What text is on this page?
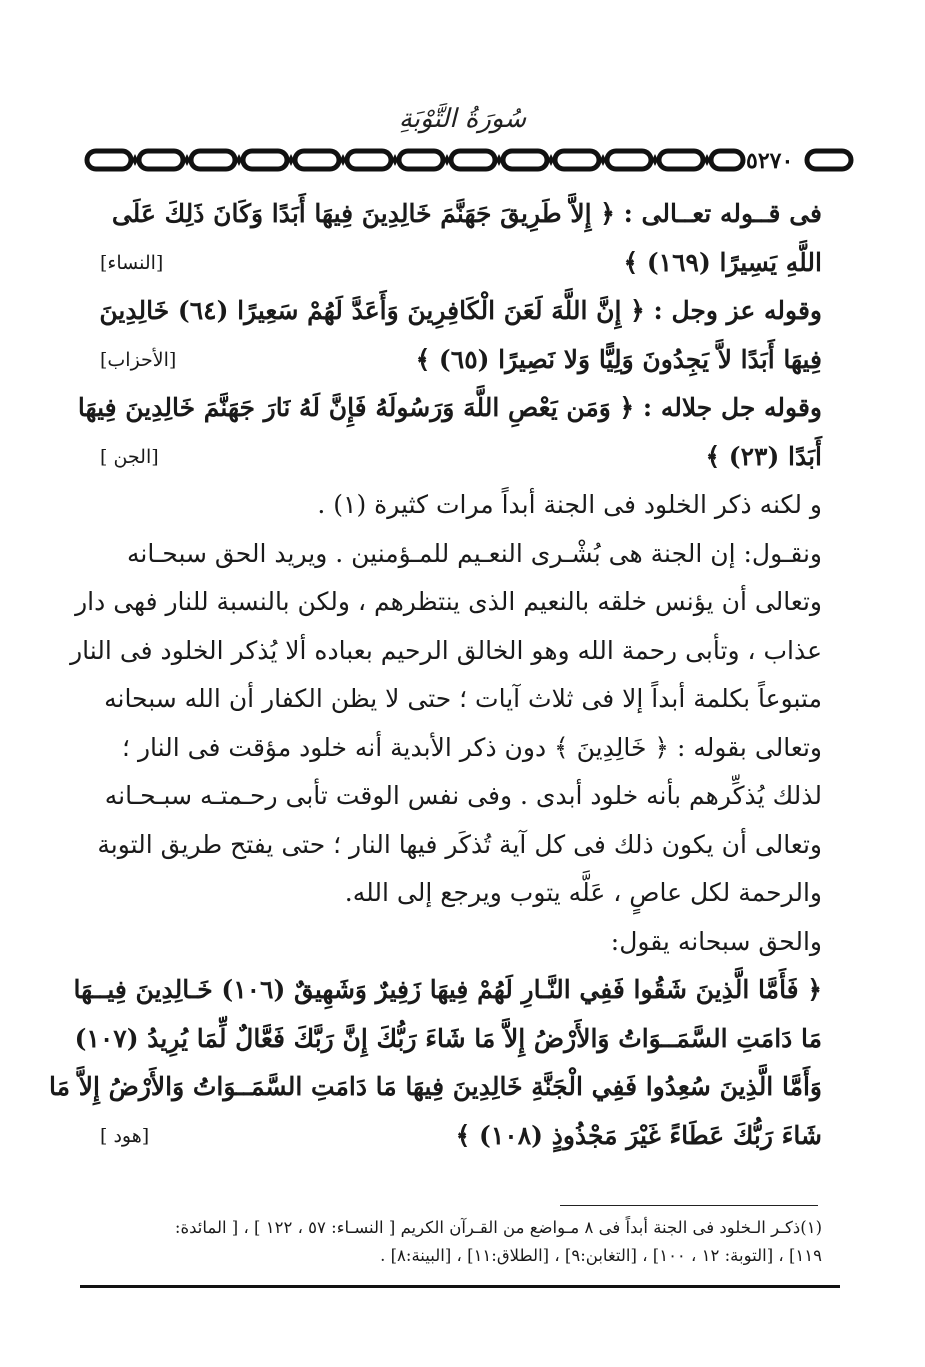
سُورَةُ التَّوْبَةِ
٥٢٧٠
فى قــوله تعــالى : ﴿ إِلاَّ طَرِيقَ جَهَنَّمَ خَالِدِينَ فِيهَا أَبَدًا وَكَانَ ذَلِكَ عَلَى
اللَّهِ يَسِيرًا (١٦٩) ﴾
[النساء]
وقوله عز وجل : ﴿ إِنَّ اللَّهَ لَعَنَ الْكَافِرِينَ وَأَعَدَّ لَهُمْ سَعِيرًا (٦٤) خَالِدِينَ
فِيهَا أَبَدًا لاَّ يَجِدُونَ وَلِيًّا وَلا نَصِيرًا (٦٥) ﴾
[الأحزاب]
وقوله جل جلاله : ﴿ وَمَن يَعْصِ اللَّهَ وَرَسُولَهُ فَإِنَّ لَهُ نَارَ جَهَنَّمَ خَالِدِينَ فِيهَا
أَبَدًا (٢٣) ﴾
[الجن ]
و لكنه ذكر الخلود فى الجنة أبداً مرات كثيرة (١) .
ونقـول: إن الجنة هى بُشْـرى النعـيم للمـؤمنين . ويريد الحق سبحـانه
وتعالى أن يؤنس خلقه بالنعيم الذى ينتظرهم ، ولكن بالنسبة للنار فهى دار
عذاب ، وتأبى رحمة الله وهو الخالق الرحيم بعباده ألا يُذكر الخلود فى النار
متبوعاً بكلمة أبداً إلا فى ثلاث آيات ؛ حتى لا يظن الكفار أن الله سبحانه
وتعالى بقوله : ﴿ خَالِدِينَ ﴾ دون ذكر الأبدية أنه خلود مؤقت فى النار ؛
لذلك يُذكِّرهم بأنه خلود أبدى . وفى نفس الوقت تأبى رحـمتـه سبـحـانه
وتعالى أن يكون ذلك فى كل آية تُذكَر فيها النار ؛ حتى يفتح طريق التوبة
والرحمة لكل عاصٍ ، عَلَّه يتوب ويرجع إلى الله.
والحق سبحانه يقول:
﴿ فَأَمَّا الَّذِينَ شَقُوا فَفِي النَّـارِ لَهُمْ فِيهَا زَفِيرٌ وَشَهِيقٌ (١٠٦) خَـالِدِينَ فِيــهَا
مَا دَامَتِ السَّمَــوَاتُ وَالأَرْضُ إِلاَّ مَا شَاءَ رَبُّكَ إِنَّ رَبَّكَ فَعَّالٌ لِّمَا يُرِيدُ (١٠٧)
وَأَمَّا الَّذِينَ سُعِدُوا فَفِي الْجَنَّةِ خَالِدِينَ فِيهَا مَا دَامَتِ السَّمَــوَاتُ وَالأَرْضُ إِلاَّ مَا
شَاءَ رَبُّكَ عَطَاءً غَيْرَ مَجْذُوذٍ (١٠٨) ﴾
[هود ]
(١)ذكـر الـخلود فى الجنة أبداً فى ٨ مـواضع من القـرآن الكريم [ النسـاء: ٥٧ ، ١٢٢ ] ، [ المائدة:
١١٩] ، [التوبة: ١٢ ، ١٠٠] ، [التغابن:٩] ، [الطلاق:١١] ، [البينة:٨] .
